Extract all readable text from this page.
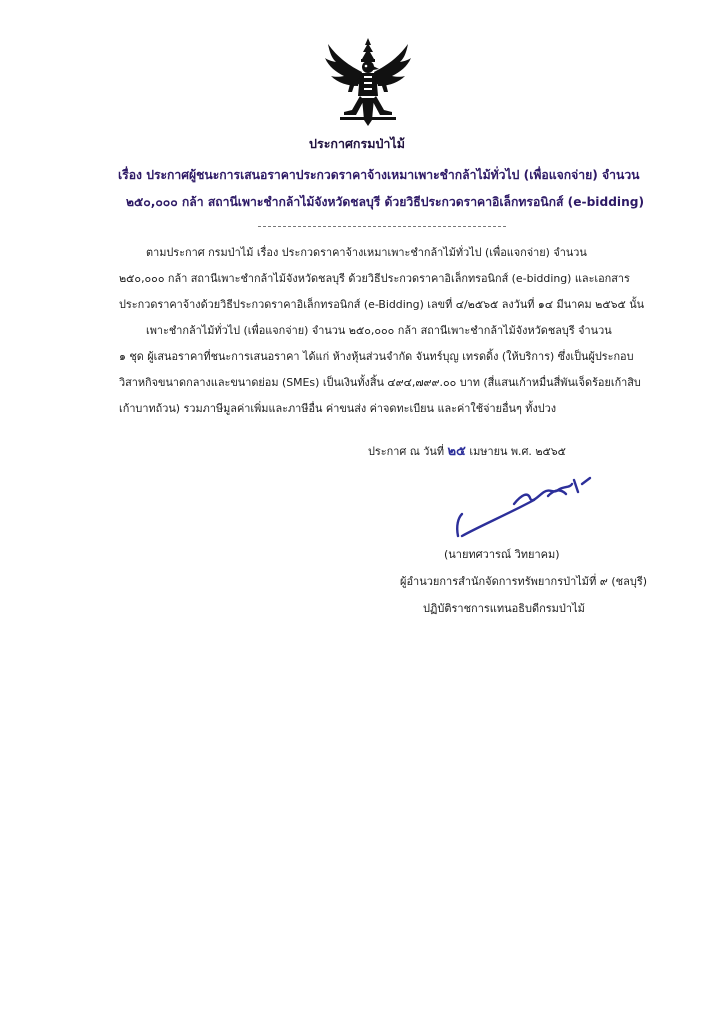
ประกาศกรมป่าไม้
เรื่อง ประกาศผู้ชนะการเสนอราคาประกวดราคาจ้างเหมาเพาะชำกล้าไม้ทั่วไป (เพื่อแจกจ่าย) จำนวน
๒๕๐,๐๐๐ กล้า สถานีเพาะชำกล้าไม้จังหวัดชลบุรี ด้วยวิธีประกวดราคาอิเล็กทรอนิกส์ (e-bidding)
ตามประกาศ กรมป่าไม้ เรื่อง ประกวดราคาจ้างเหมาเพาะชำกล้าไม้ทั่วไป (เพื่อแจกจ่าย) จำนวน
๒๕๐,๐๐๐ กล้า สถานีเพาะชำกล้าไม้จังหวัดชลบุรี ด้วยวิธีประกวดราคาอิเล็กทรอนิกส์ (e-bidding) และเอกสาร
ประกวดราคาจ้างด้วยวิธีประกวดราคาอิเล็กทรอนิกส์ (e-Bidding) เลขที่ ๔/๒๕๖๕ ลงวันที่ ๑๔ มีนาคม ๒๕๖๕ นั้น
เพาะชำกล้าไม้ทั่วไป (เพื่อแจกจ่าย) จำนวน ๒๕๐,๐๐๐ กล้า สถานีเพาะชำกล้าไม้จังหวัดชลบุรี จำนวน
๑ ชุด ผู้เสนอราคาที่ชนะการเสนอราคา ได้แก่ ห้างหุ้นส่วนจำกัด จันทร์บุญ เทรดดิ้ง (ให้บริการ) ซึ่งเป็นผู้ประกอบ
วิสาหกิจขนาดกลางและขนาดย่อม (SMEs) เป็นเงินทั้งสิ้น ๔๙๔,๗๙๙.๐๐ บาท (สี่แสนเก้าหมื่นสี่พันเจ็ดร้อยเก้าสิบ
เก้าบาทถ้วน) รวมภาษีมูลค่าเพิ่มและภาษีอื่น ค่าขนส่ง ค่าจดทะเบียน และค่าใช้จ่ายอื่นๆ ทั้งปวง
ประกาศ ณ วันที่ ๒๕ เมษายน พ.ศ. ๒๕๖๕
(นายทศวารณ์ วิทยาคม)
ผู้อำนวยการสำนักจัดการทรัพยากรป่าไม้ที่ ๙ (ชลบุรี)
ปฏิบัติราชการแทนอธิบดีกรมป่าไม้
